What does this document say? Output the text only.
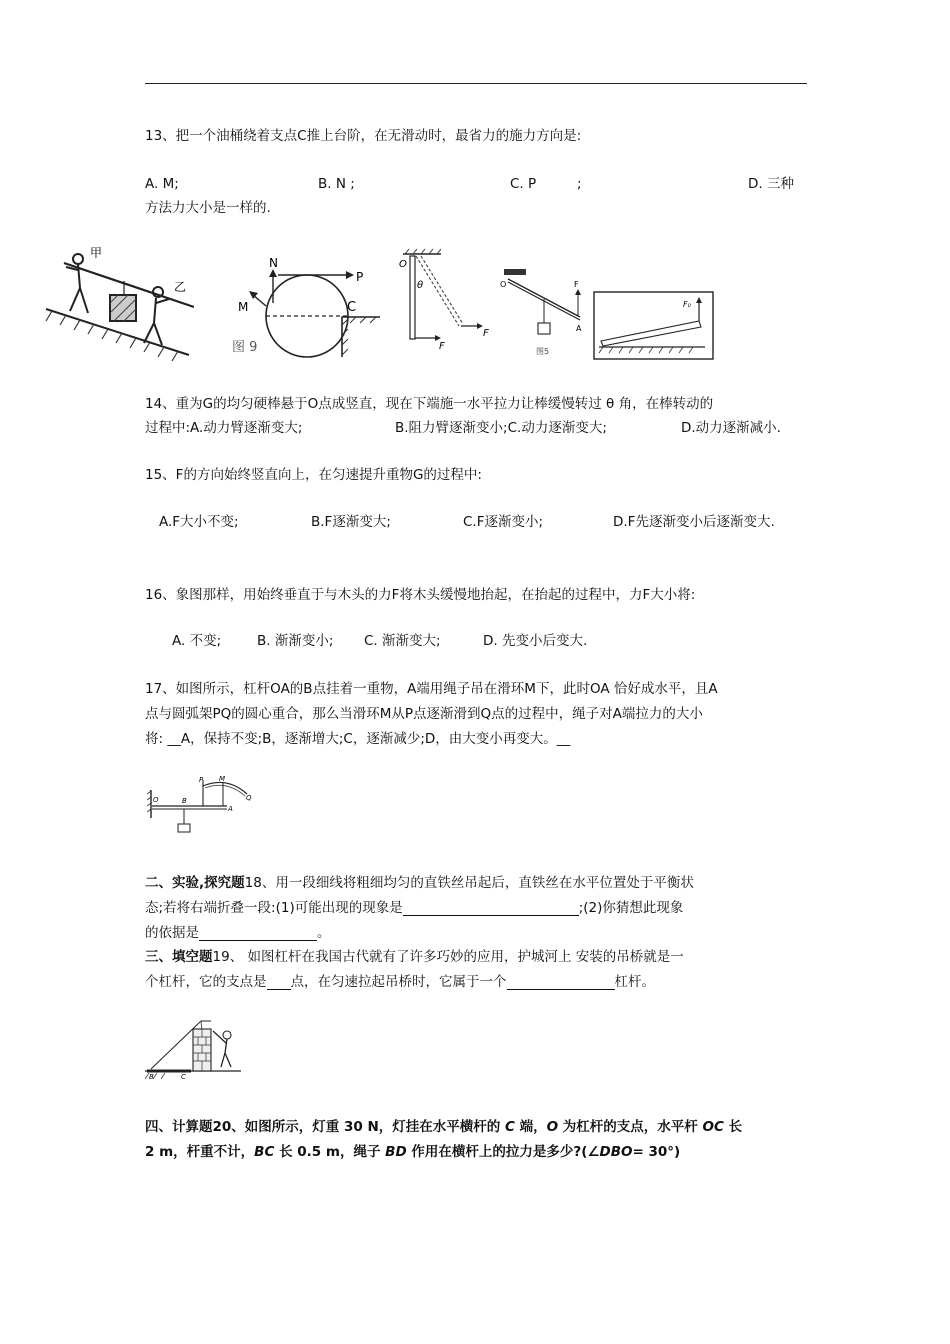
13、把一个油桶绕着支点C推上台阶，在无滑动时，最省力的施力方向是:
A. M;	B. N ;	C. P	;	D. 三种
方法力大小是一样的.
甲
乙
N
P
M	C
图 9
O
θ
F
F
O	F
A
图5
F₀
14、重为G的均匀硬棒悬于O点成竖直，现在下端施一水平拉力让棒缓慢转过 θ 角，在棒转动的
过程中:A.动力臂逐渐变大;	B.阻力臂逐渐变小;C.动力逐渐变大;	D.动力逐渐减小.
15、F的方向始终竖直向上，在匀速提升重物G的过程中:
A.F大小不变;	B.F逐渐变大;	C.F逐渐变小;	D.F先逐渐变小后逐渐变大.
16、象图那样，用始终垂直于与木头的力F将木头缓慢地抬起，在抬起的过程中，力F大小将:
A. 不变;	B. 渐渐变小; C. 渐渐变大;	D. 先变小后变大.
17、如图所示，杠杆OA的B点挂着一重物，A端用绳子吊在滑环M下，此时OA 恰好成水平，且A
点与圆弧架PQ的圆心重合，那么当滑环M从P点逐渐滑到Q点的过程中，绳子对A端拉力的大小
将: __A，保持不变;B，逐渐增大;C，逐渐减少;D，由大变小再变大。__
P M
Q
O	B
A
二、实验,探究题18、用一段细线将粗细均匀的直铁丝吊起后，直铁丝在水平位置处于平衡状
态;若将右端折叠一段:(1)可能出现的现象是	;(2)你猜想此现象
的依据是	。
三、填空题19、 如图杠杆在我国古代就有了许多巧妙的应用，护城河上 安装的吊桥就是一
个杠杆，它的支点是 点，在匀速拉起吊桥时，它属于一个	杠杆。
B	C
四、计算题20、如图所示，灯重 30 N，灯挂在水平横杆的 C 端，O 为杠杆的支点，水平杆 OC 长
2 m，杆重不计，BC 长 0.5 m，绳子 BD 作用在横杆上的拉力是多少?(∠DBO= 30°)
